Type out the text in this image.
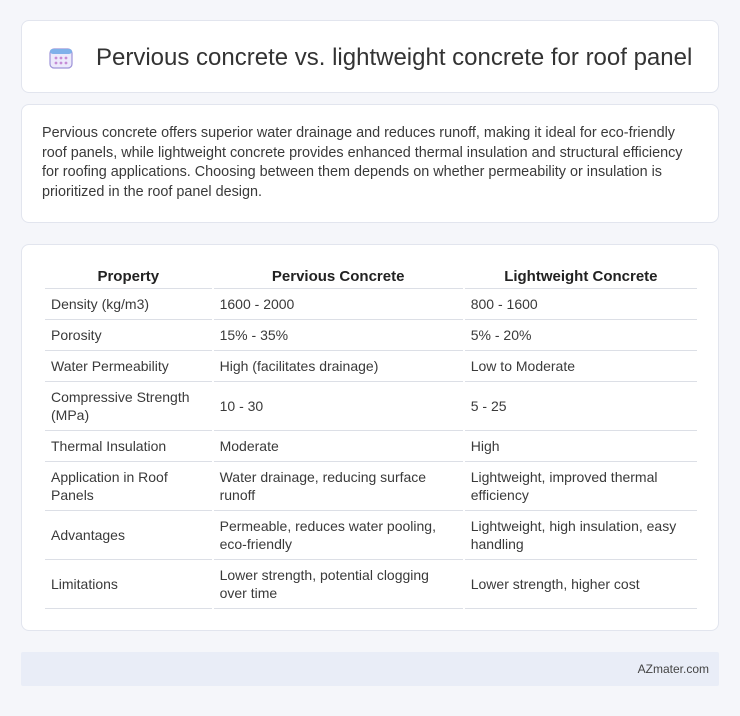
Pervious concrete vs. lightweight concrete for roof panel

Pervious concrete offers superior water drainage and reduces runoff, making it ideal for eco-friendly roof panels, while lightweight concrete provides enhanced thermal insulation and structural efficiency for roofing applications. Choosing between them depends on whether permeability or insulation is prioritized in the roof panel design.

Property	Pervious Concrete	Lightweight Concrete
Density (kg/m3)	1600 - 2000	800 - 1600
Porosity	15% - 35%	5% - 20%
Water Permeability	High (facilitates drainage)	Low to Moderate
Compressive Strength (MPa)	10 - 30	5 - 25
Thermal Insulation	Moderate	High
Application in Roof Panels	Water drainage, reducing surface runoff	Lightweight, improved thermal efficiency
Advantages	Permeable, reduces water pooling, eco-friendly	Lightweight, high insulation, easy handling
Limitations	Lower strength, potential clogging over time	Lower strength, higher cost
AZmater.com
